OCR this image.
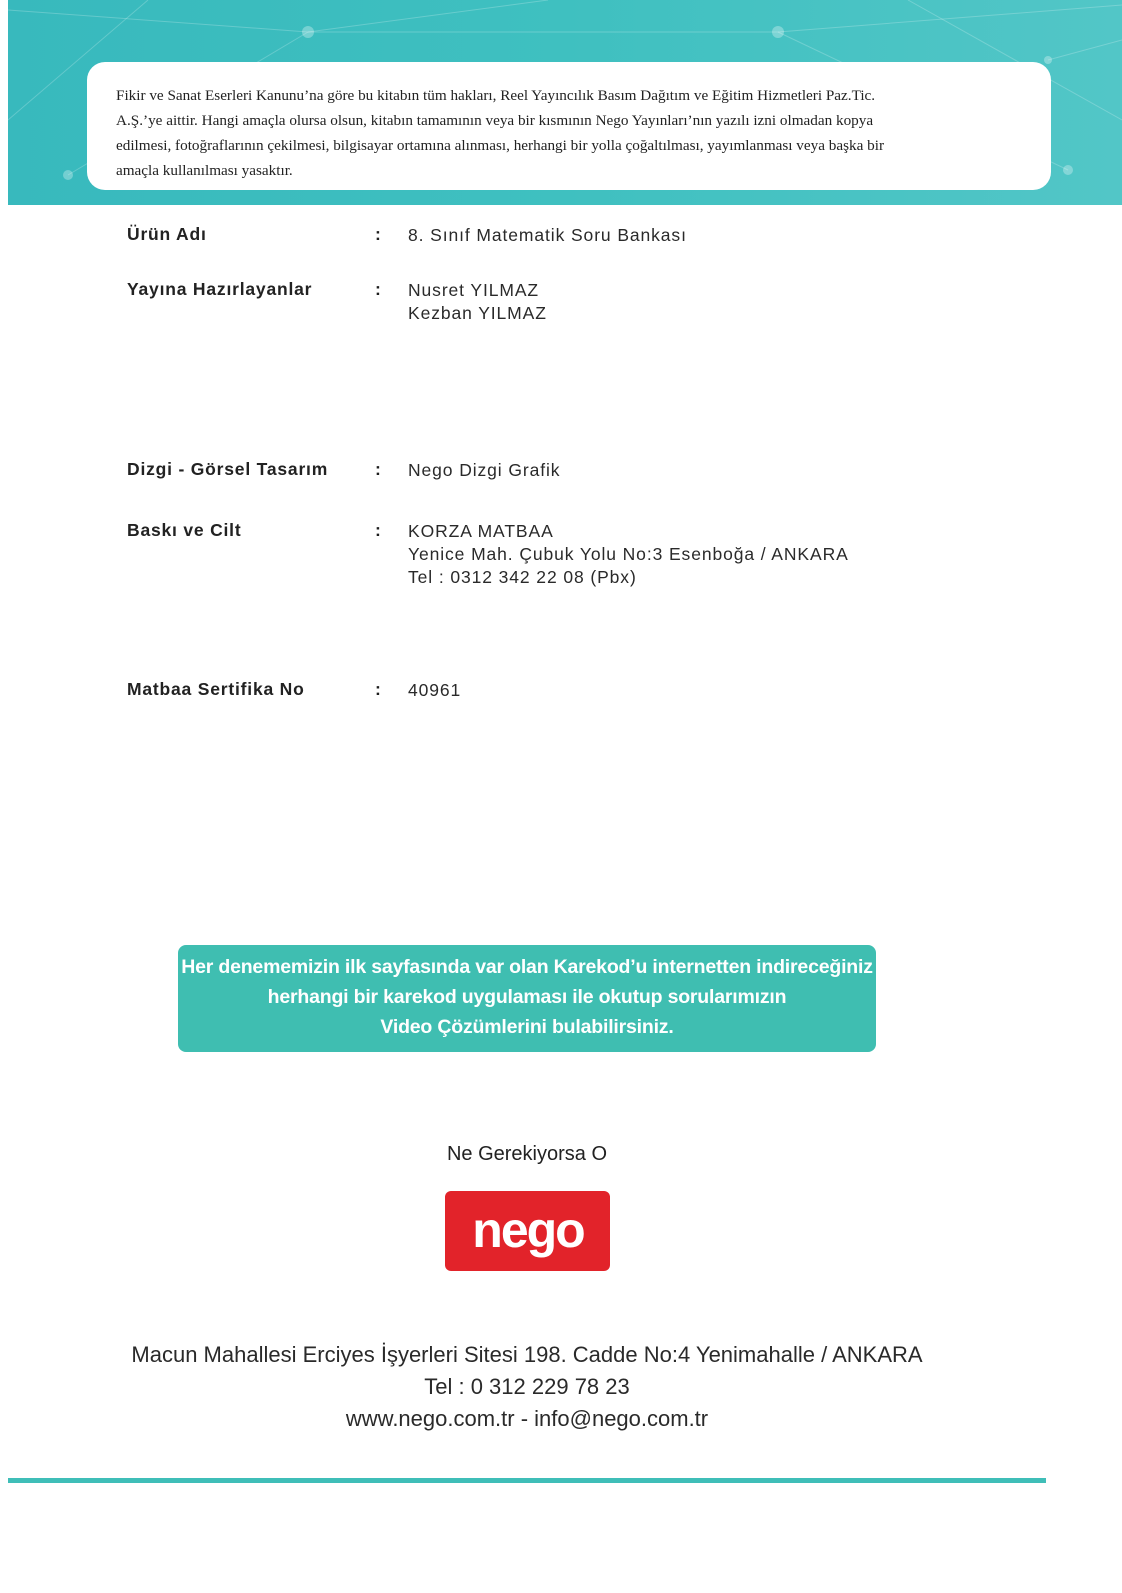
Fikir ve Sanat Eserleri Kanunu’na göre bu kitabın tüm hakları, Reel Yayıncılık Basım Dağıtım ve Eğitim Hizmetleri Paz.Tic.
A.Ş.’ye aittir. Hangi amaçla olursa olsun, kitabın tamamının veya bir kısmının Nego Yayınları’nın yazılı izni olmadan kopya
edilmesi, fotoğraflarının çekilmesi, bilgisayar ortamına alınması, herhangi bir yolla çoğaltılması, yayımlanması veya başka bir
amaçla kullanılması yasaktır.
Ürün Adı	: 8. Sınıf Matematik Soru Bankası
Yayına Hazırlayanlar	: Nusret YILMAZ
Kezban YILMAZ
Dizgi - Görsel Tasarım	: Nego Dizgi Grafik
Baskı ve Cilt	: KORZA MATBAA
Yenice Mah. Çubuk Yolu No:3 Esenboğa / ANKARA
Tel : 0312 342 22 08 (Pbx)
Matbaa Sertifika No	: 40961
Her denememizin ilk sayfasında var olan Karekod’u internetten indireceğiniz
herhangi bir karekod uygulaması ile okutup sorularımızın
Video Çözümlerini bulabilirsiniz.
Ne Gerekiyorsa O
nego
Macun Mahallesi Erciyes İşyerleri Sitesi 198. Cadde No:4 Yenimahalle / ANKARA
Tel : 0 312 229 78 23
www.nego.com.tr - info@nego.com.tr
